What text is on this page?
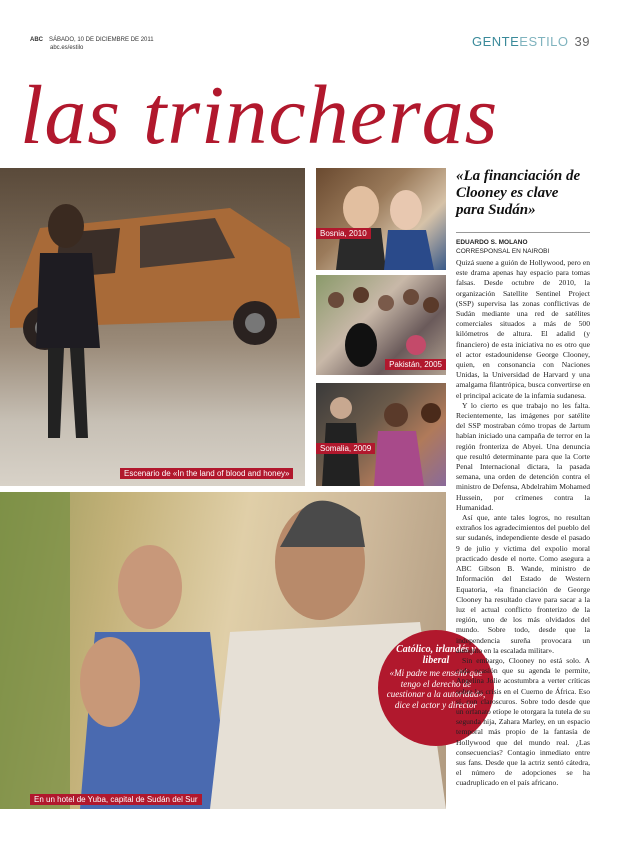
ABC SÁBADO, 10 DE DICIEMBRE DE 2011
abc.es/estilo	GENTEESTILO 39
las trincheras
Escenario de «In the land of blood and honey»
Bosnia, 2010
Pakistán, 2005
Somalia, 2009
En un hotel de Yuba, capital de Sudán del Sur
Católico, irlandés y liberal
«Mi padre me enseñó que tengo el derecho de cuestionar a la autoridad», dice el actor y director
«La financiación de Clooney es clave para Sudán»
EDUARDO S. MOLANO
CORRESPONSAL EN NAIROBI

Quizá suene a guión de Hollywood, pero en este drama apenas hay espacio para tomas falsas. Desde octubre de 2010, la organización Satellite Sentinel Project (SSP) supervisa las zonas conflictivas de Sudán mediante una red de satélites comerciales situados a más de 500 kilómetros de altura. El adalid (y financiero) de esta iniciativa no es otro que el actor estadounidense George Clooney, quien, en consonancia con Naciones Unidas, la Universidad de Harvard y una amalgama filantrópica, busca convertirse en el principal acicate de la infamia sudanesa.

Y lo cierto es que trabajo no les falta. Recientemente, las imágenes por satélite del SSP mostraban cómo tropas de Jartum habían iniciado una campaña de terror en la región fronteriza de Abyei. Una denuncia que resultó determinante para que la Corte Penal Internacional dictara, la pasada semana, una orden de detención contra el ministro de Defensa, Abdelrahim Mohamed Hussein, por crímenes contra la Humanidad.

Así que, ante tales logros, no resultan extraños los agradecimientos del pueblo del sur sudanés, independiente desde el pasado 9 de julio y víctima del expolio moral practicado desde el norte. Como asegura a ABC Gibson B. Wande, ministro de Información del Estado de Western Equatoria, «la financiación de George Clooney ha resultado clave para sacar a la luz el actual conflicto fronterizo de la región, uno de los más olvidados del mundo. Sobre todo, desde que la independencia sureña provocara un aumento en la escalada militar».

Sin embargo, Clooney no está solo. A cada ocasión que su agenda le permite, Angelina Jolie acostumbra a verter críticas sobre las crisis en el Cuerno de África. Eso sí, con claroscuros. Sobre todo desde que un orfanato etíope le otorgara la tutela de su segunda hija, Zahara Marley, en un espacio temporal más propio de la fantasía de Hollywood que del mundo real. ¿Las consecuencias? Contagio inmediato entre sus fans. Desde que la actriz sentó cátedra, el número de adopciones se ha cuadruplicado en el país africano.
